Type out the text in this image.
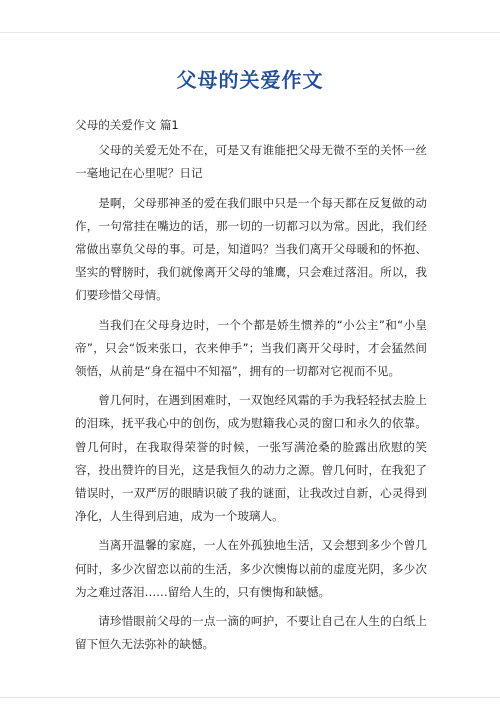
父母的关爱作文

父母的关爱作文 篇1

父母的关爱无处不在，可是又有谁能把父母无微不至的关怀一丝一毫地记在心里呢？日记

是啊，父母那神圣的爱在我们眼中只是一个每天都在反复做的动作，一句常挂在嘴边的话，那一切的一切都习以为常。因此，我们经常做出辜负父母的事。可是，知道吗？当我们离开父母暖和的怀抱、坚实的臂膀时，我们就像离开父母的雏鹰，只会难过落泪。所以，我们要珍惜父母情。

当我们在父母身边时，一个个都是娇生惯养的“小公主”和“小皇帝”，只会“饭来张口，衣来伸手”；当我们离开父母时，才会猛然间领悟，从前是“身在福中不知福”，拥有的一切都对它视而不见。

曾几何时，在遇到困难时，一双饱经风霜的手为我轻轻拭去脸上的泪珠，抚平我心中的创伤，成为慰籍我心灵的窗口和永久的依靠。曾几何时，在我取得荣誉的时候，一张写满沧桑的脸露出欣慰的笑容，投出赞许的目光，这是我恒久的动力之源。曾几何时，在我犯了错误时，一双严厉的眼睛识破了我的谜面，让我改过自新，心灵得到净化，人生得到启迪，成为一个玻璃人。

当离开温馨的家庭，一人在外孤独地生活，又会想到多少个曾几何时，多少次留恋以前的生活，多少次懊悔以前的虚度光阴，多少次为之难过落泪……留给人生的，只有懊悔和缺憾。

请珍惜眼前父母的一点一滴的呵护，不要让自己在人生的白纸上留下恒久无法弥补的缺憾。
